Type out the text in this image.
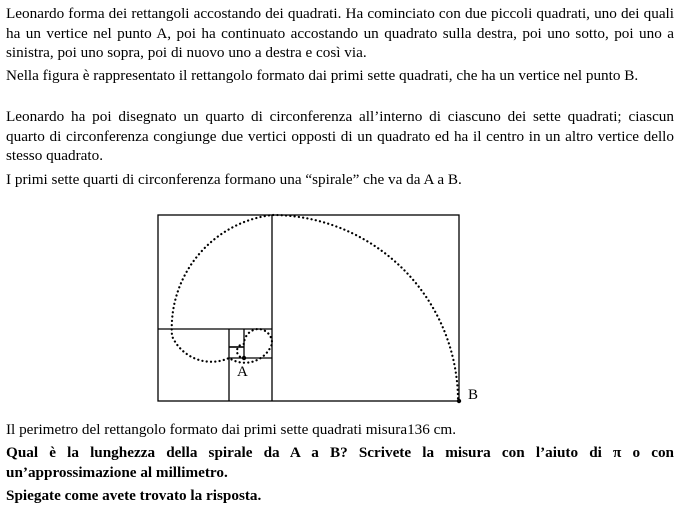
Leonardo forma dei rettangoli accostando dei quadrati. Ha cominciato con due piccoli quadrati, uno dei quali ha un vertice nel punto A, poi ha continuato accostando un quadrato sulla destra, poi uno sotto, poi uno a sinistra, poi uno sopra, poi di nuovo uno a destra e così via.

Nella figura è rappresentato il rettangolo formato dai primi sette quadrati, che ha un vertice nel punto B.

Leonardo ha poi disegnato un quarto di circonferenza all’interno di ciascuno dei sette quadrati; ciascun quarto di circonferenza congiunge due vertici opposti di un quadrato ed ha il centro in un altro vertice dello stesso quadrato.

I primi sette quarti di circonferenza formano una “spirale” che va da A a B.

A
B

Il perimetro del rettangolo formato dai primi sette quadrati misura136 cm.

Qual è la lunghezza della spirale da A a B? Scrivete la misura con l’aiuto di π o con un’approssimazione al millimetro.

Spiegate come avete trovato la risposta.
